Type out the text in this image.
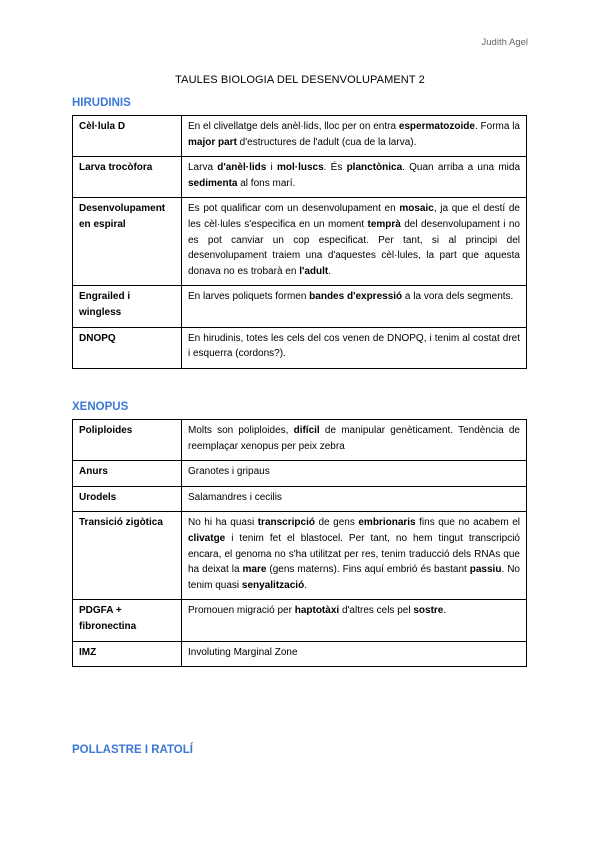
Judith Agel
TAULES BIOLOGIA DEL DESENVOLUPAMENT 2
HIRUDINIS
Cèl·lula D	En el clivellatge dels anèl·lids, lloc per on entra espermatozoide. Forma la major part d'estructures de l'adult (cua de la larva).
Larva trocòfora	Larva d'anèl·lids i mol·luscs. És planctònica. Quan arriba a una mida sedimenta al fons marí.
Desenvolupament en espiral	Es pot qualificar com un desenvolupament en mosaic, ja que el destí de les cèl·lules s'especifica en un moment temprà del desenvolupament i no es pot canviar un cop especificat. Per tant, si al principi del desenvolupament traiem una d'aquestes cèl·lules, la part que aquesta donava no es trobarà en l'adult.
Engrailed i wingless	En larves poliquets formen bandes d'expressió a la vora dels segments.
DNOPQ	En hirudinis, totes les cels del cos venen de DNOPQ, i tenim al costat dret i esquerra (cordons?).
XENOPUS
Poliploides	Molts son poliploides, difícil de manipular genèticament. Tendència de reemplaçar xenopus per peix zebra
Anurs	Granotes i gripaus
Urodels	Salamandres i cecilis
Transició zigòtica	No hi ha quasi transcripció de gens embrionaris fins que no acabem el clivatge i tenim fet el blastocel. Per tant, no hem tingut transcripció encara, el genoma no s'ha utilitzat per res, tenim traducció dels RNAs que ha deixat la mare (gens materns). Fins aquí embrió és bastant passiu. No tenim quasi senyalització.
PDGFA + fibronectina	Promouen migració per haptotàxi d'altres cels pel sostre.
IMZ	Involuting Marginal Zone
POLLASTRE I RATOLÍ
